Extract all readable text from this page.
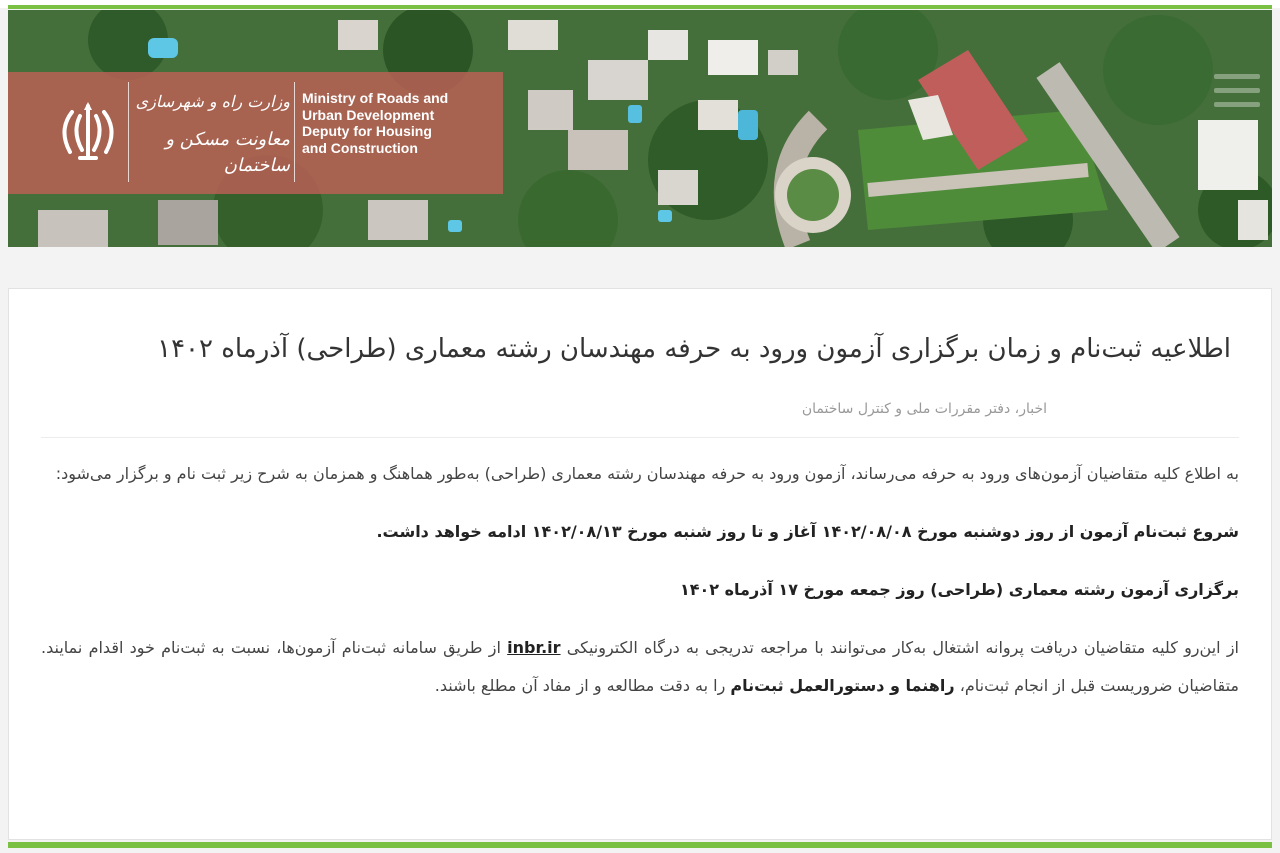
وزارت راه و شهرسازی
معاونت مسکن و ساختمان
Ministry of Roads and
Urban Development
Deputy for Housing
and Construction
اطلاعیه ثبت‌نام و زمان برگزاری آزمون ورود به حرفه مهندسان رشته معماری (طراحی) آذرماه ۱۴۰۲
اخبار، دفتر مقررات ملی و کنترل ساختمان

به اطلاع کلیه متقاضیان آزمون‌های ورود به حرفه می‌رساند، آزمون ورود به حرفه مهندسان رشته معماری (طراحی) به‌طور هماهنگ و همزمان به شرح زیر ثبت نام و برگزار می‌شود:

شروع ثبت‌نام آزمون از روز دوشنبه مورخ ۱۴۰۲/۰۸/۰۸ آغاز و تا روز شنبه مورخ ۱۴۰۲/۰۸/۱۳ ادامه خواهد داشت.

برگزاری آزمون رشته معماری (طراحی) روز جمعه مورخ ۱۷ آذرماه ۱۴۰۲

از این‌رو کلیه متقاضیان دریافت پروانه اشتغال به‌کار می‌توانند با مراجعه تدریجی به درگاه الکترونیکی inbr.ir از طریق سامانه ثبت‌نام آزمون‌ها، نسبت به ثبت‌نام خود اقدام نمایند. متقاضیان ضروریست قبل از انجام ثبت‌نام، راهنما و دستورالعمل ثبت‌نام را به دقت مطالعه و از مفاد آن مطلع باشند.
